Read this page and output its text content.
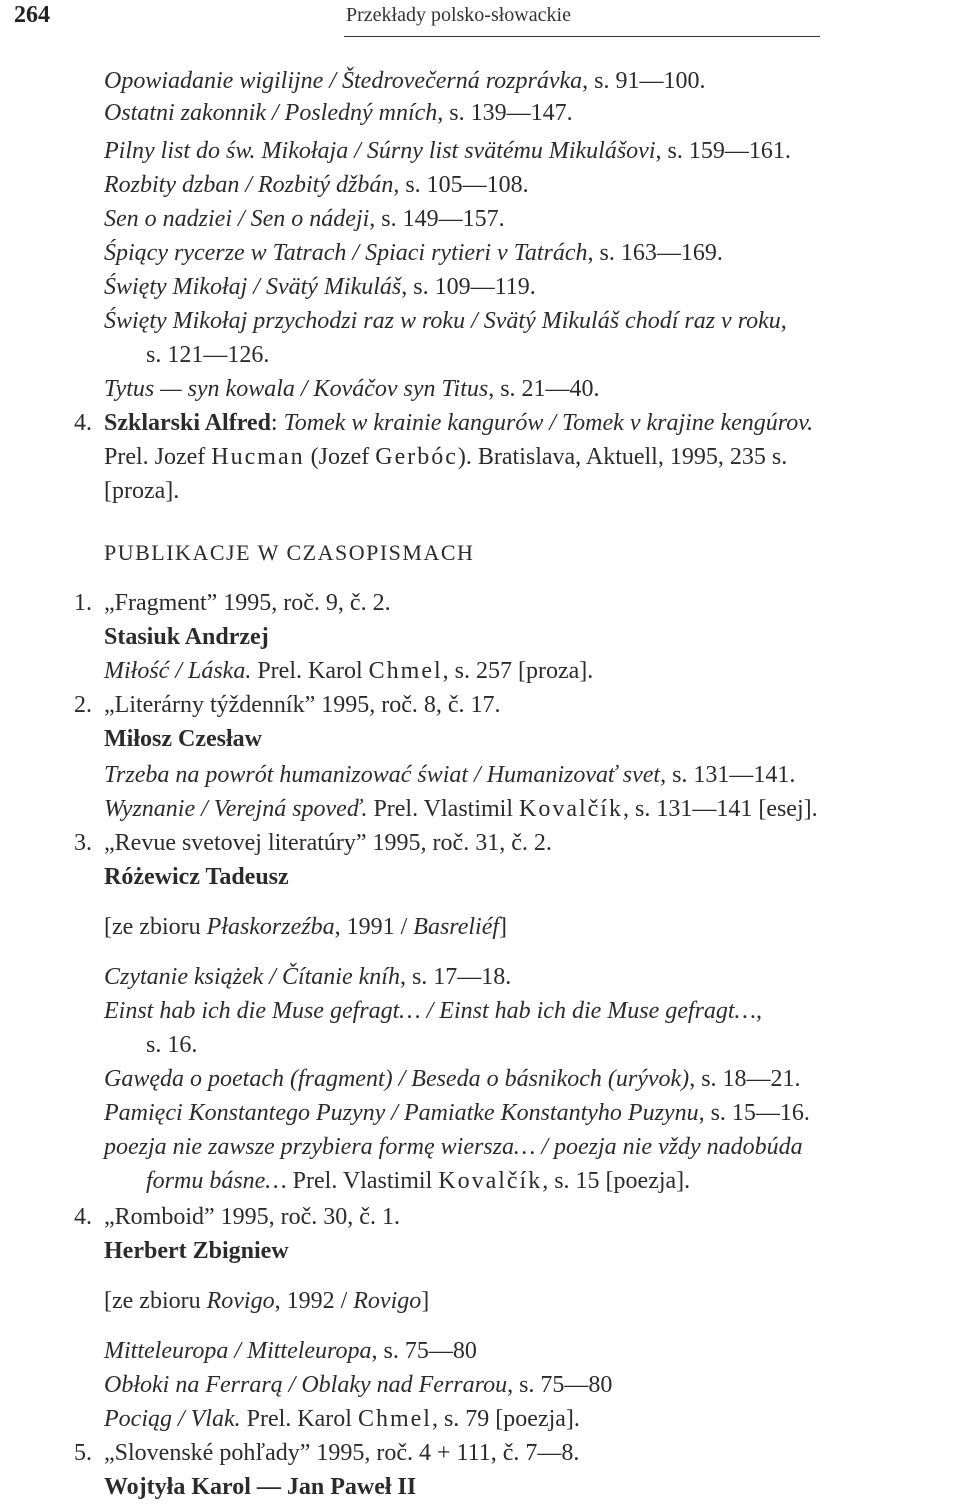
264	Przekłady polsko-słowackie
Opowiadanie wigilijne / Štedrovečerná rozprávka, s. 91—100.
Ostatni zakonnik / Posledný mních, s. 139—147.
Pilny list do św. Mikołaja / Súrny list svätému Mikulášovi, s. 159—161.
Rozbity dzban / Rozbitý džbán, s. 105—108.
Sen o nadziei / Sen o nádeji, s. 149—157.
Śpiący rycerze w Tatrach / Spiaci rytieri v Tatrách, s. 163—169.
Święty Mikołaj / Svätý Mikuláš, s. 109—119.
Święty Mikołaj przychodzi raz w roku / Svätý Mikuláš chodí raz v roku,
s. 121—126.
Tytus — syn kowala / Kováčov syn Titus, s. 21—40.
4. Szklarski Alfred: Tomek w krainie kangurów / Tomek v krajine kengúrov.
Prel. Jozef Hucman (Jozef Gerbóc). Bratislava, Aktuell, 1995, 235 s.
[proza].
PUBLIKACJE W CZASOPISMACH
1. „Fragment” 1995, roč. 9, č. 2.
Stasiuk Andrzej
Miłość / Láska. Prel. Karol Chmel, s. 257 [proza].
2. „Literárny týždenník” 1995, roč. 8, č. 17.
Miłosz Czesław
Trzeba na powrót humanizować świat / Humanizovať svet, s. 131—141.
Wyznanie / Verejná spoveď. Prel. Vlastimil Kovalčík, s. 131—141 [esej].
3. „Revue svetovej literatúry” 1995, roč. 31, č. 2.
Różewicz Tadeusz
[ze zbioru Płaskorzeźba, 1991 / Basreliéf]
Czytanie książek / Čítanie kníh, s. 17—18.
Einst hab ich die Muse gefragt… / Einst hab ich die Muse gefragt…,
s. 16.
Gawęda o poetach (fragment) / Beseda o básnikoch (urývok), s. 18—21.
Pamięci Konstantego Puzyny / Pamiatke Konstantyho Puzynu, s. 15—16.
poezja nie zawsze przybiera formę wiersza… / poezja nie vždy nadobúda
formu básne… Prel. Vlastimil Kovalčík, s. 15 [poezja].
4. „Romboid” 1995, roč. 30, č. 1.
Herbert Zbigniew
[ze zbioru Rovigo, 1992 / Rovigo]
Mitteleuropa / Mitteleuropa, s. 75—80
Obłoki na Ferrarą / Oblaky nad Ferrarou, s. 75—80
Pociąg / Vlak. Prel. Karol Chmel, s. 79 [poezja].
5. „Slovenské pohľady” 1995, roč. 4 + 111, č. 7—8.
Wojtyła Karol — Jan Paweł II
